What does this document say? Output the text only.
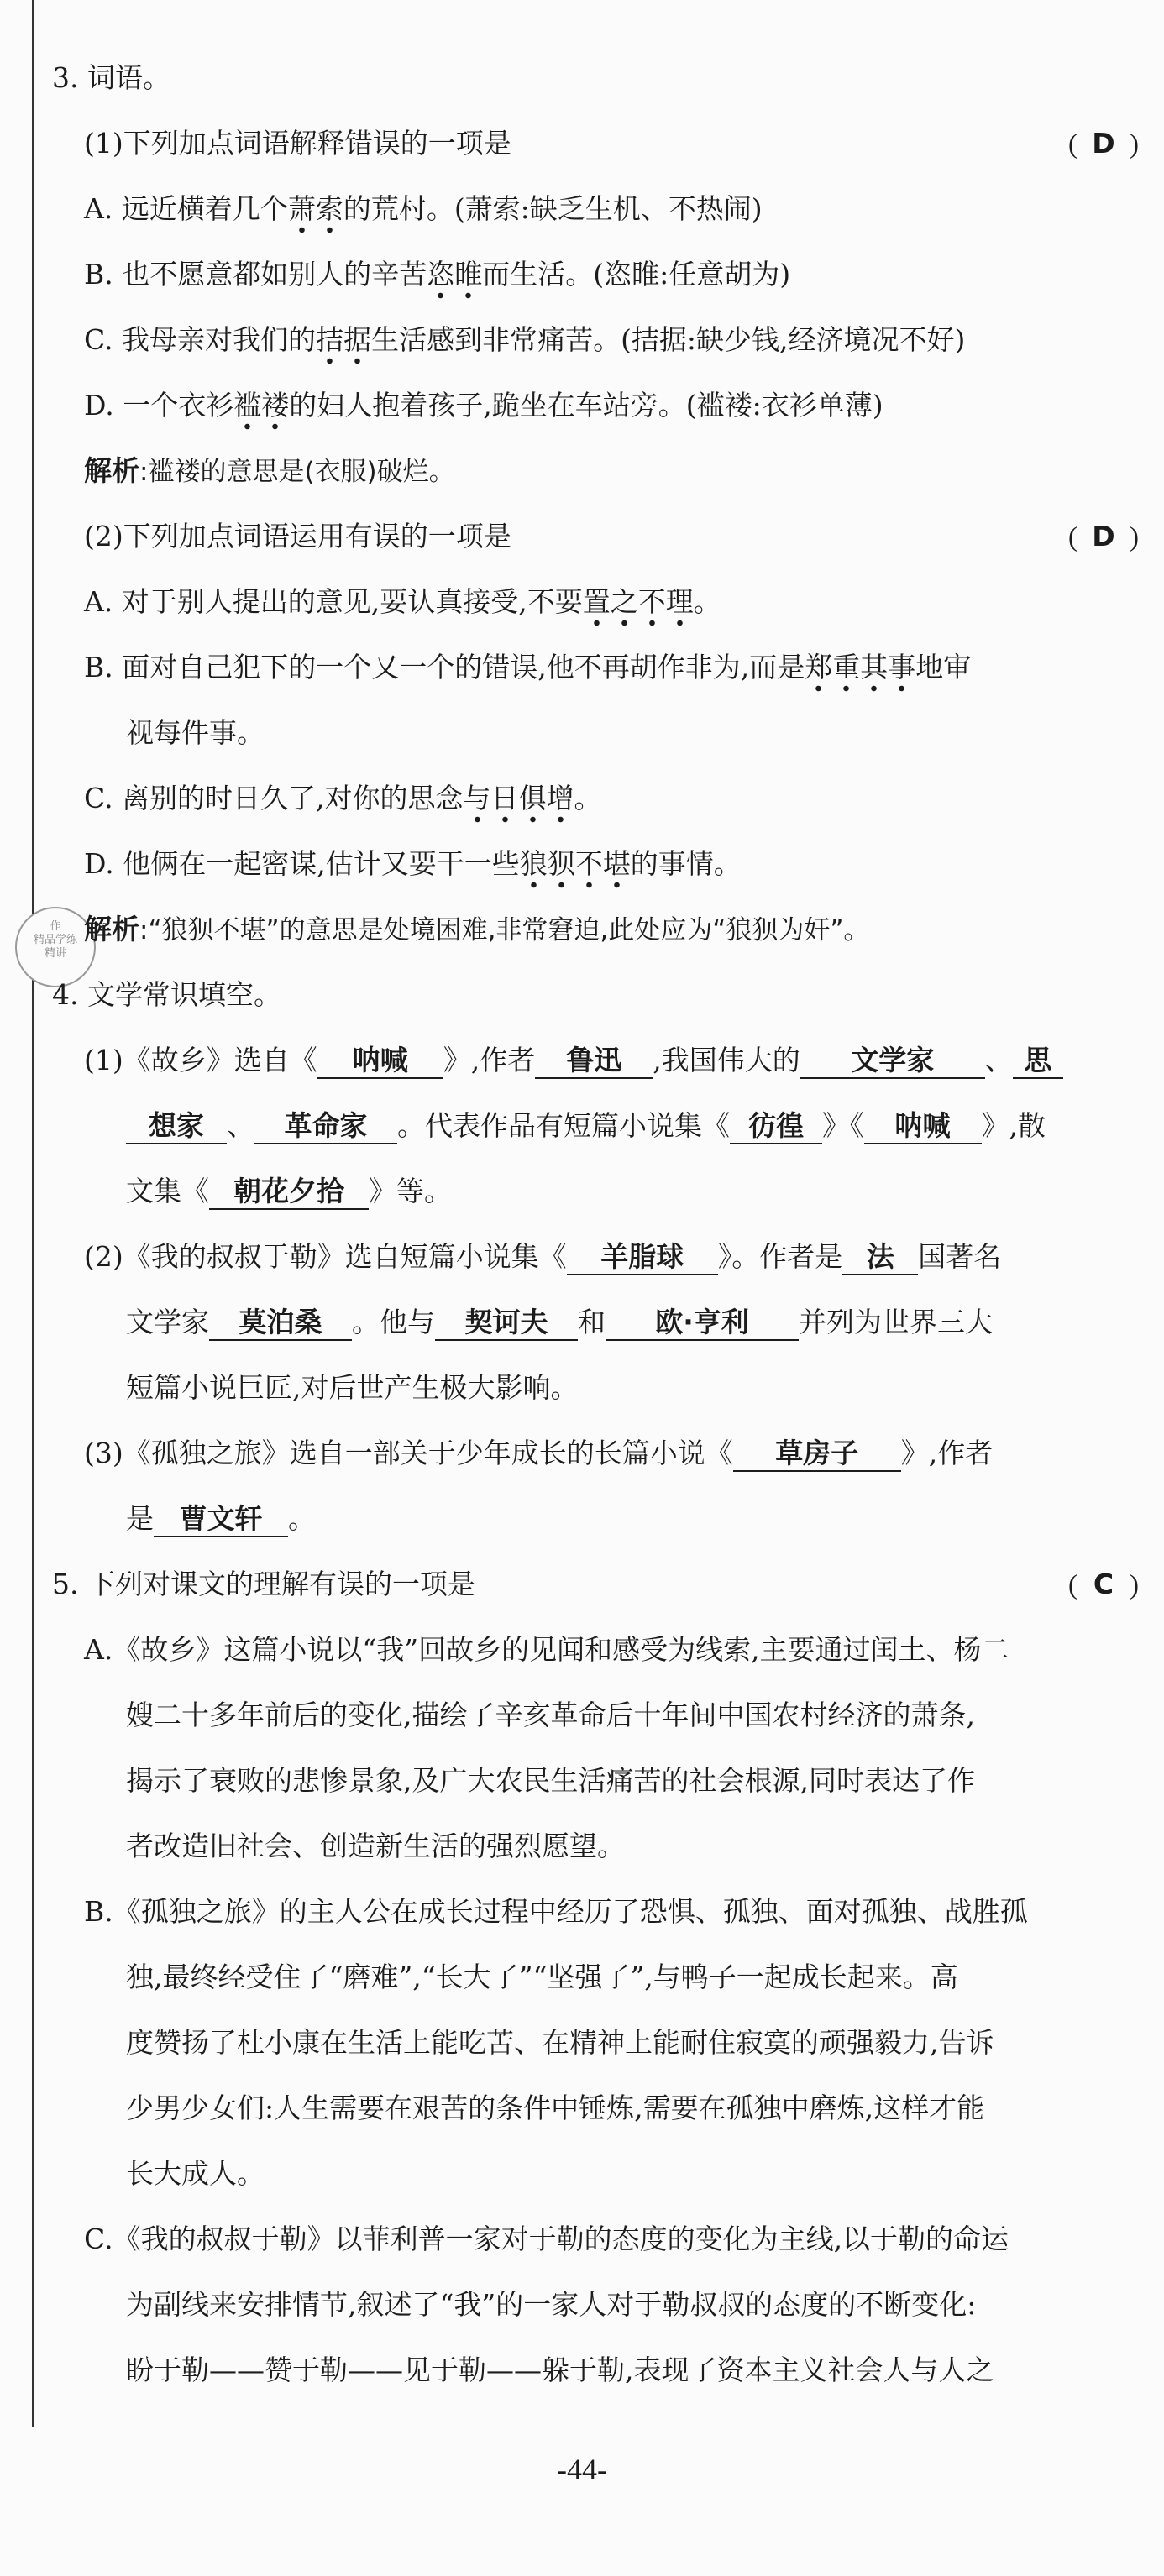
作
精品学练
精讲
3. 词语。
(1)下列加点词语解释错误的一项是	( D )
A. 远近横着几个萧索的荒村。(萧索:缺乏生机、不热闹)
B. 也不愿意都如别人的辛苦恣睢而生活。(恣睢:任意胡为)
C. 我母亲对我们的拮据生活感到非常痛苦。(拮据:缺少钱,经济境况不好)
D. 一个衣衫褴褛的妇人抱着孩子,跪坐在车站旁。(褴褛:衣衫单薄)
解析:褴褛的意思是(衣服)破烂。
(2)下列加点词语运用有误的一项是	( D )
A. 对于别人提出的意见,要认真接受,不要置之不理。
B. 面对自己犯下的一个又一个的错误,他不再胡作非为,而是郑重其事地审
视每件事。
C. 离别的时日久了,对你的思念与日俱增。
D. 他俩在一起密谋,估计又要干一些狼狈不堪的事情。
解析:“狼狈不堪”的意思是处境困难,非常窘迫,此处应为“狼狈为奸”。
4. 文学常识填空。
(1)《故乡》选自《 呐喊 》,作者 鲁迅 ,我国伟大的 文学家 、 思
想家 、 革命家 。代表作品有短篇小说集《 彷徨 》《 呐喊 》,散
文集《 朝花夕拾 》等。
(2)《我的叔叔于勒》选自短篇小说集《 羊脂球 》。作者是 法 国著名
文学家 莫泊桑 。他与 契诃夫 和 欧·亨利 并列为世界三大
短篇小说巨匠,对后世产生极大影响。
(3)《孤独之旅》选自一部关于少年成长的长篇小说《 草房子 》,作者
是 曹文轩 。
5. 下列对课文的理解有误的一项是	( C )
A.《故乡》这篇小说以“我”回故乡的见闻和感受为线索,主要通过闰土、杨二
嫂二十多年前后的变化,描绘了辛亥革命后十年间中国农村经济的萧条,
揭示了衰败的悲惨景象,及广大农民生活痛苦的社会根源,同时表达了作
者改造旧社会、创造新生活的强烈愿望。
B.《孤独之旅》的主人公在成长过程中经历了恐惧、孤独、面对孤独、战胜孤
独,最终经受住了“磨难”,“长大了”“坚强了”,与鸭子一起成长起来。高
度赞扬了杜小康在生活上能吃苦、在精神上能耐住寂寞的顽强毅力,告诉
少男少女们:人生需要在艰苦的条件中锤炼,需要在孤独中磨炼,这样才能
长大成人。
C.《我的叔叔于勒》以菲利普一家对于勒的态度的变化为主线,以于勒的命运
为副线来安排情节,叙述了“我”的一家人对于勒叔叔的态度的不断变化:
盼于勒——赞于勒——见于勒——躲于勒,表现了资本主义社会人与人之
-44-
